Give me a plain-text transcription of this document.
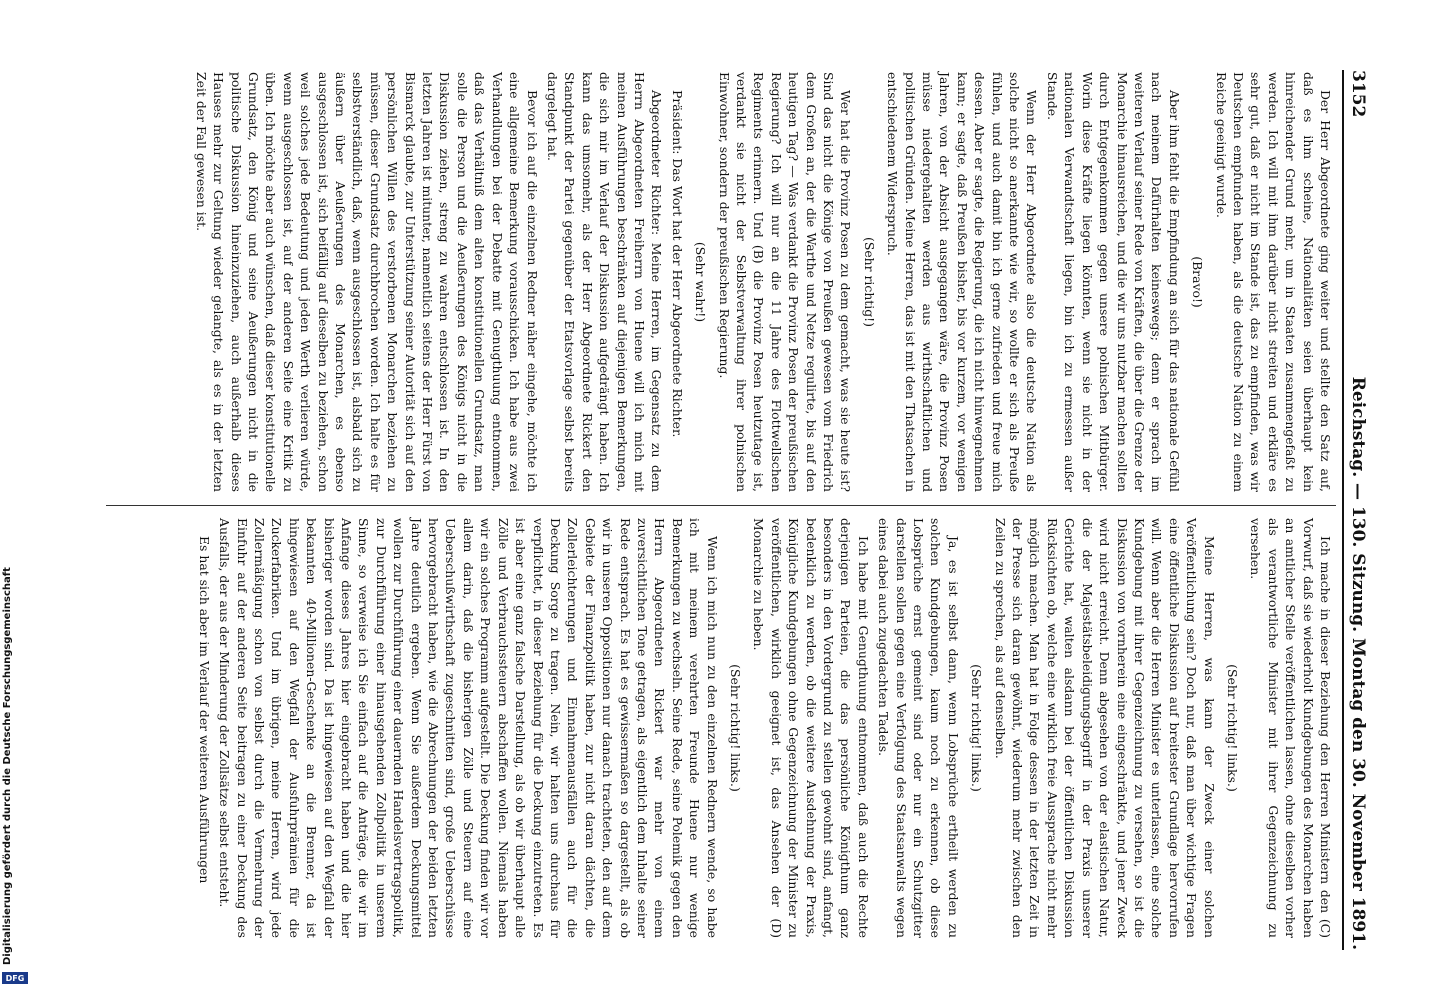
3152
Reichstag. — 130. Sitzung. Montag den 30. November 1891.

Der Herr Abgeordnete ging weiter und stellte den Satz auf, daß es ihm scheine, Nationalitäten seien überhaupt kein hinreichender Grund mehr, um in Staaten zusammengefaßt zu werden. Ich will mit ihm darüber nicht streiten und erkläre es sehr gut, daß er nicht im Stande ist, das zu empfinden, was wir Deutschen empfunden haben, als die deutsche Nation zu einem Reiche geeinigt wurde.

(Bravo!)

Aber ihm fehlt die Empfindung an sich für das nationale Gefühl nach meinem Dafürhalten keineswegs; denn er sprach im weiteren Verlauf seiner Rede von Kräften, die über die Grenze der Monarchie hinausreichen, und die wir uns nutzbar machen sollten durch Entgegenkommen gegen unsere polnischen Mitbürger. Worin diese Kräfte liegen könnten, wenn sie nicht in der nationalen Verwandtschaft liegen, bin ich zu ermessen außer Stande.

Wenn der Herr Abgeordnete also die deutsche Nation als solche nicht so anerkannte wie wir, so wollte er sich als Preuße fühlen, und auch damit bin ich gerne zufrieden und freue mich dessen. Aber er sagte, die Regierung, die ich nicht hinwegnehmen kann; er sagte, daß Preußen bisher, bis vor kurzem, vor wenigen Jahren, von der Absicht ausgegangen wäre, die Provinz Posen müsse niedergehalten werden aus wirthschaftlichen und politischen Gründen. Meine Herren, das ist mit den Thatsachen in entschiedenem Widerspruch.

(Sehr richtig!)

Wer hat die Provinz Posen zu dem gemacht, was sie heute ist? Sind das nicht die Könige von Preußen gewesen vom Friedrich dem Großen an, der die Warthe und Netze regulirte, bis auf den heutigen Tag? — Was verdankt die Provinz Posen der preußischen Regierung? Ich will nur an die 11 Jahre des Flottwellschen Regiments erinnern. Und (B) die Provinz Posen heutzutage ist, verdankt sie nicht der Selbstverwaltung ihrer polnischen Einwohner, sondern der preußischen Regierung.

(Sehr wahr!)

Präsident: Das Wort hat der Herr Abgeordnete Richter.

Abgeordneter Richter: Meine Herren, im Gegensatz zu dem Herrn Abgeordneten Freiherrn von Huene will ich mich mit meinen Ausführungen beschränken auf diejenigen Bemerkungen, die sich mir im Verlauf der Diskussion aufgedrängt haben. Ich kann das umsomehr, als der Herr Abgeordnete Rickert den Standpunkt der Partei gegenüber der Etatsvorlage selbst bereits dargelegt hat.

Bevor ich auf die einzelnen Redner näher eingehe, möchte ich eine allgemeine Bemerkung vorausschicken. Ich habe aus zwei Verhandlungen bei der Debatte mit Genugthuung entnommen, daß das Verhältniß dem alten konstitutionellen Grundsatz, man solle die Person und die Aeußerungen des Königs nicht in die Diskussion ziehen, streng zu wahren entschlossen ist. In den letzten Jahren ist mitunter, namentlich seitens der Herr Fürst von Bismarck glaubte, zur Unterstützung seiner Autorität sich auf den persönlichen Willen des verstorbenen Monarchen beziehen zu müssen, dieser Grundsatz durchbrochen worden. Ich halte es für selbstverständlich, daß, wenn ausgeschlossen ist, alsbald sich zu äußern über Aeußerungen des Monarchen, es ebenso ausgeschlossen ist, sich beifällig auf dieselben zu beziehen, schon weil solches jede Bedeutung und jeden Werth verlieren würde, wenn ausgeschlossen ist, auf der anderen Seite eine Kritik zu üben. Ich möchte aber auch wünschen, daß dieser konstitutionelle Grundsatz, den König und seine Aeußerungen nicht in die politische Diskussion hineinzuziehen, auch außerhalb dieses Hauses mehr zur Geltung wieder gelangte, als es in der letzten Zeit der Fall gewesen ist.

Ich mache in dieser Beziehung den Herren Ministern den (C) Vorwurf, daß sie wiederholt Kundgebungen des Monarchen haben an amtlicher Stelle veröffentlichen lassen, ohne dieselben vorher als verantwortliche Minister mit ihrer Gegenzeichnung zu versehen.

(Sehr richtig! links.)

Meine Herren, was kann der Zweck einer solchen Veröffentlichung sein? Doch nur, daß man über wichtige Fragen eine öffentliche Diskussion auf breitester Grundlage hervorrufen will. Wenn aber die Herren Minister es unterlassen, eine solche Kundgebung mit ihrer Gegenzeichnung zu versehen, so ist die Diskussion von vornherein eine eingeschränkte, und jener Zweck wird nicht erreicht. Denn abgesehen von der elastischen Natur, die der Majestätsbeleidigungsbegriff in der Praxis unserer Gerichte hat, walten alsdann bei der öffentlichen Diskussion Rücksichten ob, welche eine wirklich freie Aussprache nicht mehr möglich machen. Man hat in Folge dessen in der letzten Zeit in der Presse sich daran gewöhnt, wiederum mehr zwischen den Zeilen zu sprechen, als auf denselben.

(Sehr richtig! links.)

Ja, es ist selbst dann, wenn Lobsprüche ertheilt werden zu solchen Kundgebungen, kaum noch zu erkennen, ob diese Lobsprüche ernst gemeint sind oder nur ein Schutzgitter darstellen sollen gegen eine Verfolgung des Staatsanwalts wegen eines dabei auch zugedachten Tadels.

Ich habe mit Genugthuung entnommen, daß auch die Rechte derjenigen Parteien, die das persönliche Königthum ganz besonders in den Vordergrund zu stellen gewohnt sind, anfangt, bedenklich zu werden, ob die weitere Ausdehnung der Praxis, Königliche Kundgebungen ohne Gegenzeichnung der Minister zu veröffentlichen, wirklich geeignet ist, das Ansehen der (D) Monarchie zu heben.

(Sehr richtig! links.)

Wenn ich mich nun zu den einzelnen Rednern wende, so habe ich mit meinem verehrten Freunde Huene nur wenige Bemerkungen zu wechseln. Seine Rede, seine Polemik gegen den Herrn Abgeordneten Rickert war mehr von einem zuversichtlichen Tone getragen, als eigentlich dem Inhalte seiner Rede entsprach. Es hat es gewissermaßen so dargestellt, als ob wir in unseren Oppositionen nur danach trachteten, den auf dem Gebiete der Finanzpolitik haben, zur nicht daran dächten, die Zollerleichterungen und Einnahmenausfällen auch für die Deckung Sorge zu tragen. Nein, wir halten uns durchaus für verpflichtet, in dieser Beziehung für die Deckung einzutreten. Es ist aber eine ganz falsche Darstellung, als ob wir überhaupt alle Zölle und Verbrauchssteuern abschaffen wollen. Niemals haben wir ein solches Programm aufgestellt. Die Deckung finden wir vor allem darin, daß die bisherigen Zölle und Steuern auf eine Ueberschußwirthschaft zugeschnitten sind, große Ueberschüsse hervorgebracht haben, wie die Abrechnungen der beiden letzten Jahre deutlich ergeben. Wenn Sie außerdem Deckungsmittel wollen zur Durchführung einer dauernden Handelsvertragspolitik, zur Durchführung einer hinausgehenden Zollpolitik in unserem Sinne, so verweise ich Sie einfach auf die Anträge, die wir im Anfange dieses Jahres hier eingebracht haben und die hier bisheriger worden sind. Da ist hingewiesen auf den Wegfall der bekannten 40-Millionen-Geschenke an die Brenner, da ist hingewiesen auf den Wegfall der Ausfuhrprämien für die Zuckerfabriken. Und im übrigen, meine Herren, wird jede Zollermäßigung schon von selbst durch die Vermehrung der Einfuhr auf der anderen Seite beitragen zu einer Deckung des Ausfalls, der aus der Minderung der Zollsätze selbst entsteht.

Es hat sich aber im Verlauf der weiteren Ausführungen

DFG
Digitalisierung gefördert durch die Deutsche Forschungsgemeinschaft
